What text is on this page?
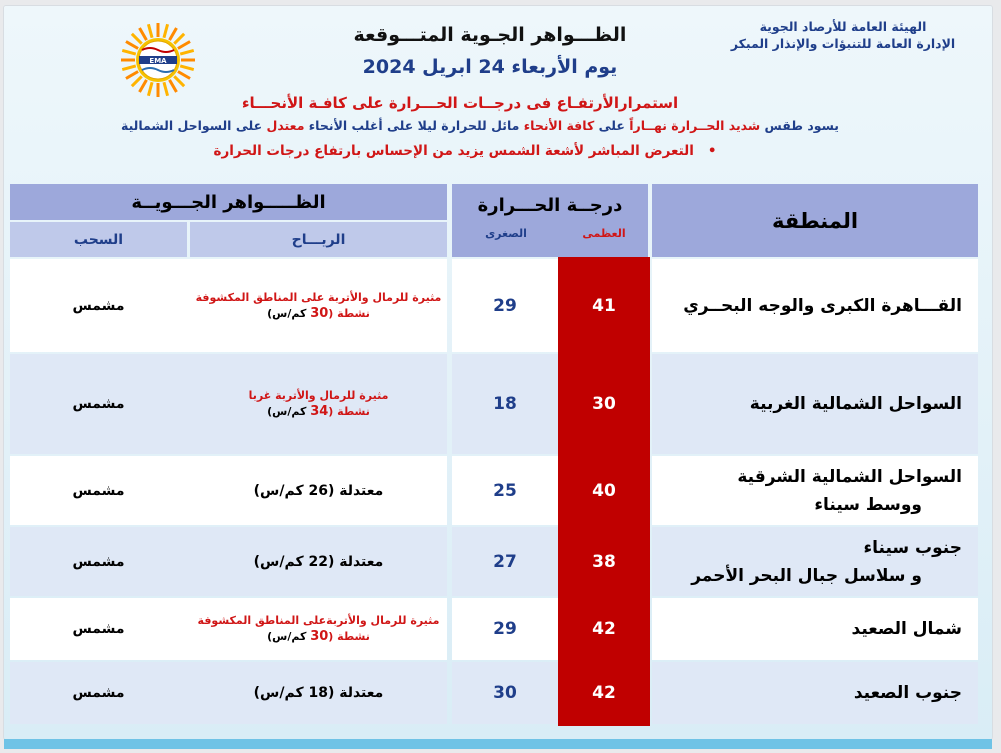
الهيئة العامة للأرصاد الجوية
الإدارة العامة للتنبؤات والإنذار المبكر
الظـــواهر الجـوية المتـــوقعة
يوم الأربعاء 24 ابريل 2024
EMA
استمرارالأرتفـاع فى درجــات الحـــرارة على كافـة الأنحـــاء
يسود طقس شديد الحــرارة نهــاراً على كافة الأنحاء مائل للحرارة ليلا على أغلب الأنحاء معتدل على السواحل الشمالية
•التعرض المباشر لأشعة الشمس يزيد من الإحساس بارتفاع درجات الحرارة
الظـــــواهر الجـــويــة
المنطقة
درجــة الحـــرارة
العظمى
الصغرى
الريـــاح
السحب
القـــاهرة الكبرى والوجه البحــري
41
29
مثيرة للرمال والأتربة على المناطق المكشوفة
نشطة (30 كم/س)
مشمس
السواحل الشمالية الغربية
30
18
مثيرة للرمال والأتربة غربا
نشطة (34 كم/س)
مشمس
السواحل الشمالية الشرقية
ووسط سيناء
40
25
معتدلة (26 كم/س)
مشمس
جنوب سيناء
و سلاسل جبال البحر الأحمر
38
27
معتدلة (22 كم/س)
مشمس
شمال الصعيد
42
29
مثيرة للرمال والأتربةعلى المناطق المكشوفة
نشطة (30 كم/س)
مشمس
جنوب الصعيد
42
30
معتدلة (18 كم/س)
مشمس
